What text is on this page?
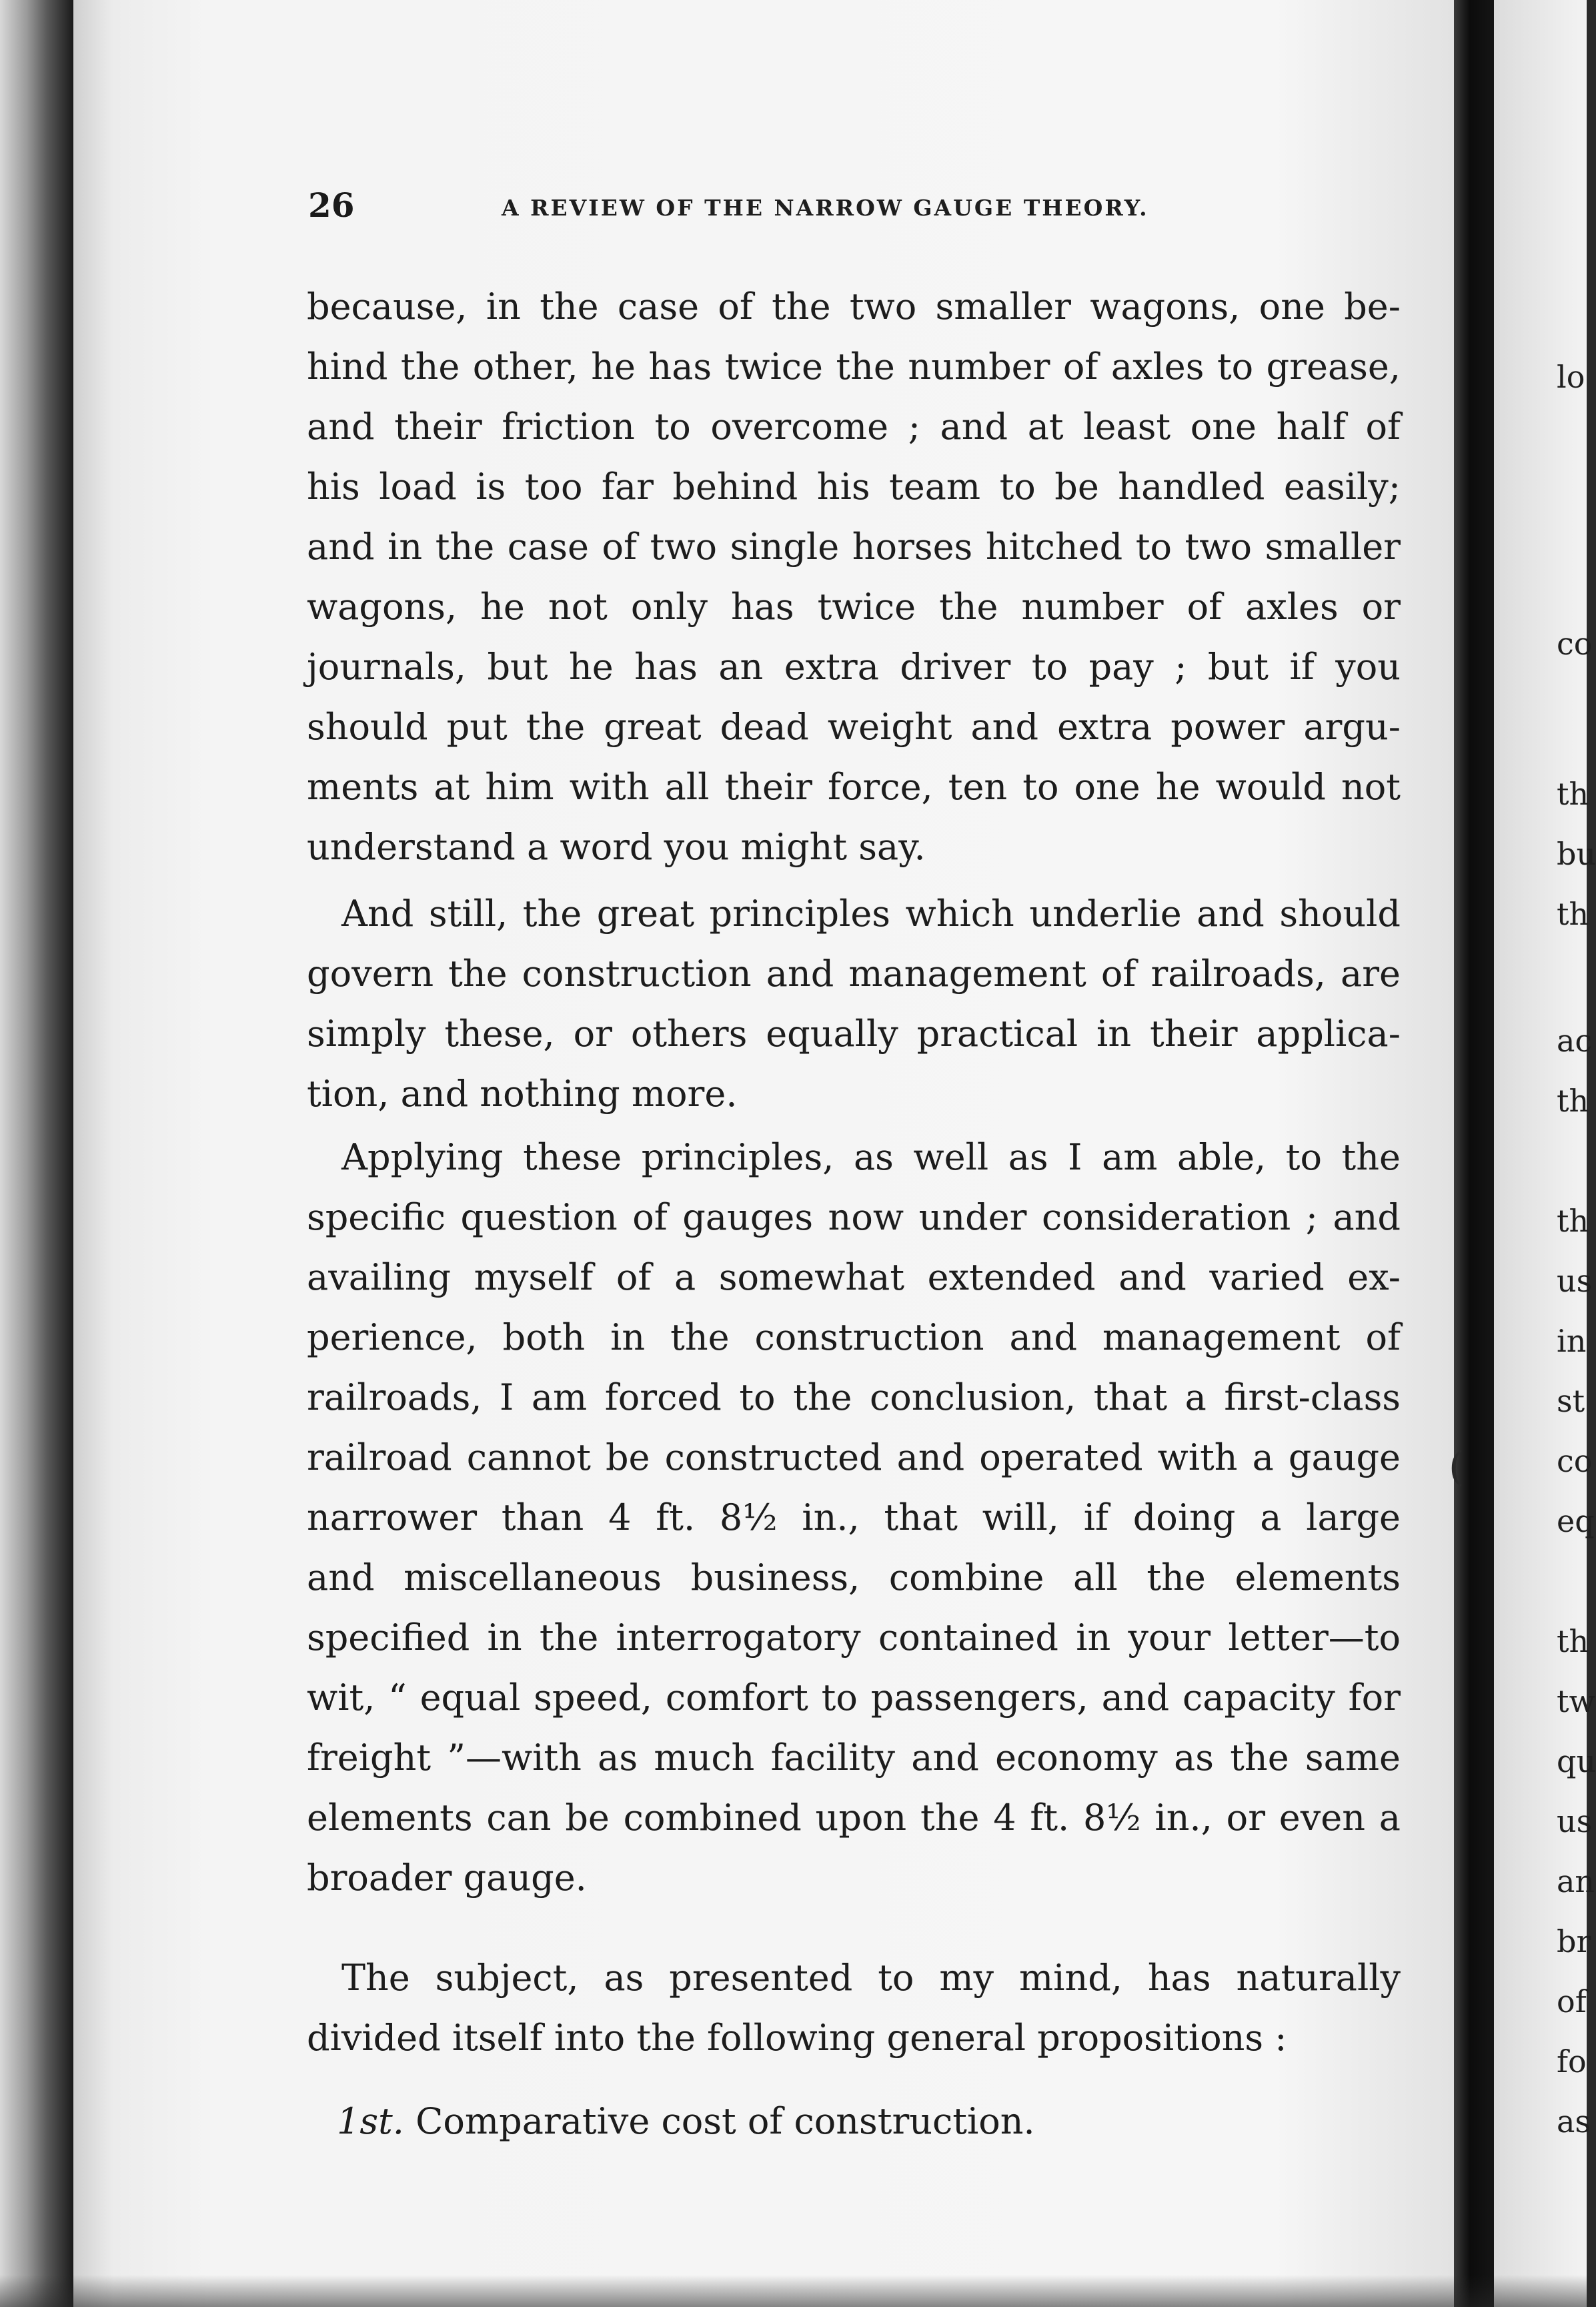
26	A REVIEW OF THE NARROW GAUGE THEORY.
because, in the case of the two smaller wagons, one be-
hind the other, he has twice the number of axles to grease,
and their friction to overcome ; and at least one half of
his load is too far behind his team to be handled easily;
and in the case of two single horses hitched to two smaller
wagons, he not only has twice the number of axles or
journals, but he has an extra driver to pay ; but if you
should put the great dead weight and extra power argu-
ments at him with all their force, ten to one he would not
understand a word you might say.
And still, the great principles which underlie and should
govern the construction and management of railroads, are
simply these, or others equally practical in their applica-
tion, and nothing more.
Applying these principles, as well as I am able, to the
specific question of gauges now under consideration ; and
availing myself of a somewhat extended and varied ex-
perience, both in the construction and management of
railroads, I am forced to the conclusion, that a first-class
railroad cannot be constructed and operated with a gauge
narrower than 4 ft. 8½ in., that will, if doing a large
and miscellaneous business, combine all the elements
specified in the interrogatory contained in your letter—to
wit, “ equal speed, comfort to passengers, and capacity for
freight ”—with as much facility and economy as the same
elements can be combined upon the 4 ft. 8½ in., or even a
broader gauge.
The subject, as presented to my mind, has naturally
divided itself into the following general propositions :
1st. Comparative cost of construction.
lo
co
th
bu
th
ac
th
th
us
in
st
co
eq
th
tw
qu
us
an
br
of
fo
as
(
